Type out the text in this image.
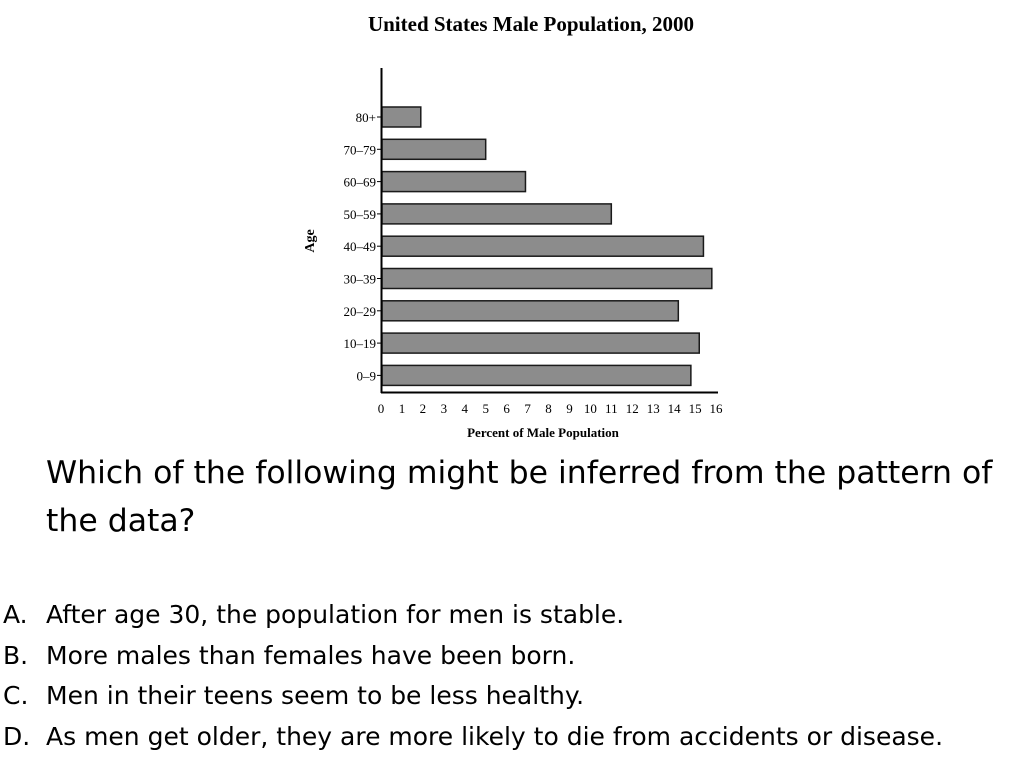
United States Male Population, 2000
80+
70–79
60–69
50–59
40–49
30–39
20–29
10–19
0–9
0 1 2 3 4 5 6 7 8 9 10 11 12 13 14 15 16
Percent of Male Population
Age

Which of the following might be inferred from the pattern of the data?

A. After age 30, the population for men is stable.
B. More males than females have been born.
C. Men in their teens seem to be less healthy.
D. As men get older, they are more likely to die from accidents or disease.
